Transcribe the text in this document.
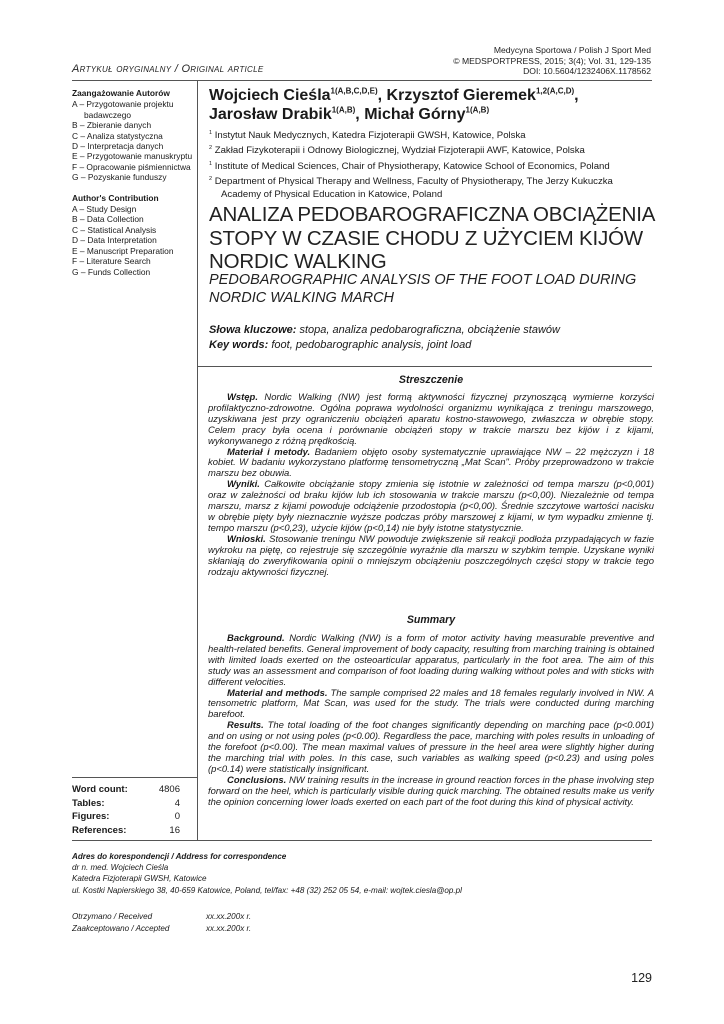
Medycyna Sportowa / Polish J Sport Med
© MEDSPORTPRESS, 2015; 3(4); Vol. 31, 129-135
DOI: 10.5604/1232406X.1178562
Artykuł oryginalny / Original article
Zaangażowanie Autorów
A – Przygotowanie projektu badawczego
B – Zbieranie danych
C – Analiza statystyczna
D – Interpretacja danych
E – Przygotowanie manuskryptu
F – Opracowanie piśmiennictwa
G – Pozyskanie funduszy
Author's Contribution
A – Study Design
B – Data Collection
C – Statistical Analysis
D – Data Interpretation
E – Manuscript Preparation
F – Literature Search
G – Funds Collection
Word count:	4806
Tables:	4
Figures:	0
References:	16
Wojciech Cieśla$^{1(A,B,C,D,E)}$, Krzysztof Gieremek$^{1,2(A,C,D)}$,
Jarosław Drabik$^{1(A,B)}$, Michał Górny$^{1(A,B)}$
$^1$ Instytut Nauk Medycznych, Katedra Fizjoterapii GWSH, Katowice, Polska
$^2$ Zakład Fizykoterapii i Odnowy Biologicznej, Wydział Fizjoterapii AWF, Katowice, Polska
$^1$ Institute of Medical Sciences, Chair of Physiotherapy, Katowice School of Economics, Poland
$^2$ Department of Physical Therapy and Wellness, Faculty of Physiotherapy, The Jerzy Kukuczka Academy of Physical Education in Katowice, Poland
ANALIZA PEDOBAROGRAFICZNA OBCIĄŻENIA STOPY W CZASIE CHODU Z UŻYCIEM KIJÓW NORDIC WALKING
PEDOBAROGRAPHIC ANALYSIS OF THE FOOT LOAD DURING NORDIC WALKING MARCH
Słowa kluczowe: stopa, analiza pedobarograficzna, obciążenie stawów
Key words: foot, pedobarographic analysis, joint load
Streszczenie

Wstęp. Nordic Walking (NW) jest formą aktywności fizycznej przynoszącą wymierne korzyści profilaktyczno-zdrowotne. Ogólna poprawa wydolności organizmu wynikająca z treningu marszowego, uzyskiwana jest przy ograniczeniu obciążeń aparatu kostno-stawowego, zwłaszcza w obrębie stopy. Celem pracy była ocena i porównanie obciążeń stopy w trakcie marszu bez kijów i z kijami, wykonywanego z różną prędkością.

Materiał i metody. Badaniem objęto osoby systematycznie uprawiające NW – 22 mężczyzn i 18 kobiet. W badaniu wykorzystano platformę tensometryczną „Mat Scan". Próby przeprowadzono w trakcie marszu bez obuwia.

Wyniki. Całkowite obciążanie stopy zmienia się istotnie w zależności od tempa marszu (p<0,001) oraz w zależności od braku kijów lub ich stosowania w trakcie marszu (p<0,00). Niezależnie od tempa marszu, marsz z kijami powoduje odciążenie przodostopia (p<0,00). Średnie szczytowe wartości nacisku w obrębie pięty były nieznacznie wyższe podczas próby marszowej z kijami, w tym wypadku zmienne tj. tempo marszu (p<0,23), użycie kijów (p<0,14) nie były istotne statystycznie.

Wnioski. Stosowanie treningu NW powoduje zwiększenie sił reakcji podłoża przypadających w fazie wykroku na piętę, co rejestruje się szczególnie wyraźnie dla marszu w szybkim tempie. Uzyskane wyniki skłaniają do zweryfikowania opinii o mniejszym obciążeniu poszczególnych części stopy w trakcie tego rodzaju aktywności fizycznej.

Summary

Background. Nordic Walking (NW) is a form of motor activity having measurable preventive and health-related benefits. General improvement of body capacity, resulting from marching training is obtained with limited loads exerted on the osteoarticular apparatus, particularly in the foot area. The aim of this study was an assessment and comparison of foot loading during walking without poles and with sticks with different velocities.

Material and methods. The sample comprised 22 males and 18 females regularly involved in NW. A tensometric platform, Mat Scan, was used for the study. The trials were conducted during marching barefoot.

Results. The total loading of the foot changes significantly depending on marching pace (p<0.001) and on using or not using poles (p<0.00). Regardless the pace, marching with poles results in unloading of the forefoot (p<0.00). The mean maximal values of pressure in the heel area were slightly higher during the marching trial with poles. In this case, such variables as walking speed (p<0.23) and using poles (p<0.14) were statistically insignificant.

Conclusions. NW training results in the increase in ground reaction forces in the phase involving step forward on the heel, which is particularly visible during quick marching. The obtained results make us verify the opinion concerning lower loads exerted on each part of the foot during this kind of physical activity.

Adres do korespondencji / Address for correspondence
dr n. med. Wojciech Cieśla
Katedra Fizjoterapii GWSH, Katowice
ul. Kostki Napierskiego 38, 40-659 Katowice, Poland, tel/fax: +48 (32) 252 05 54, e-mail: wojtek.ciesla@op.pl
Otrzymano / Received	xx.xx.200x r.
Zaakceptowano / Accepted	xx.xx.200x r.
129
